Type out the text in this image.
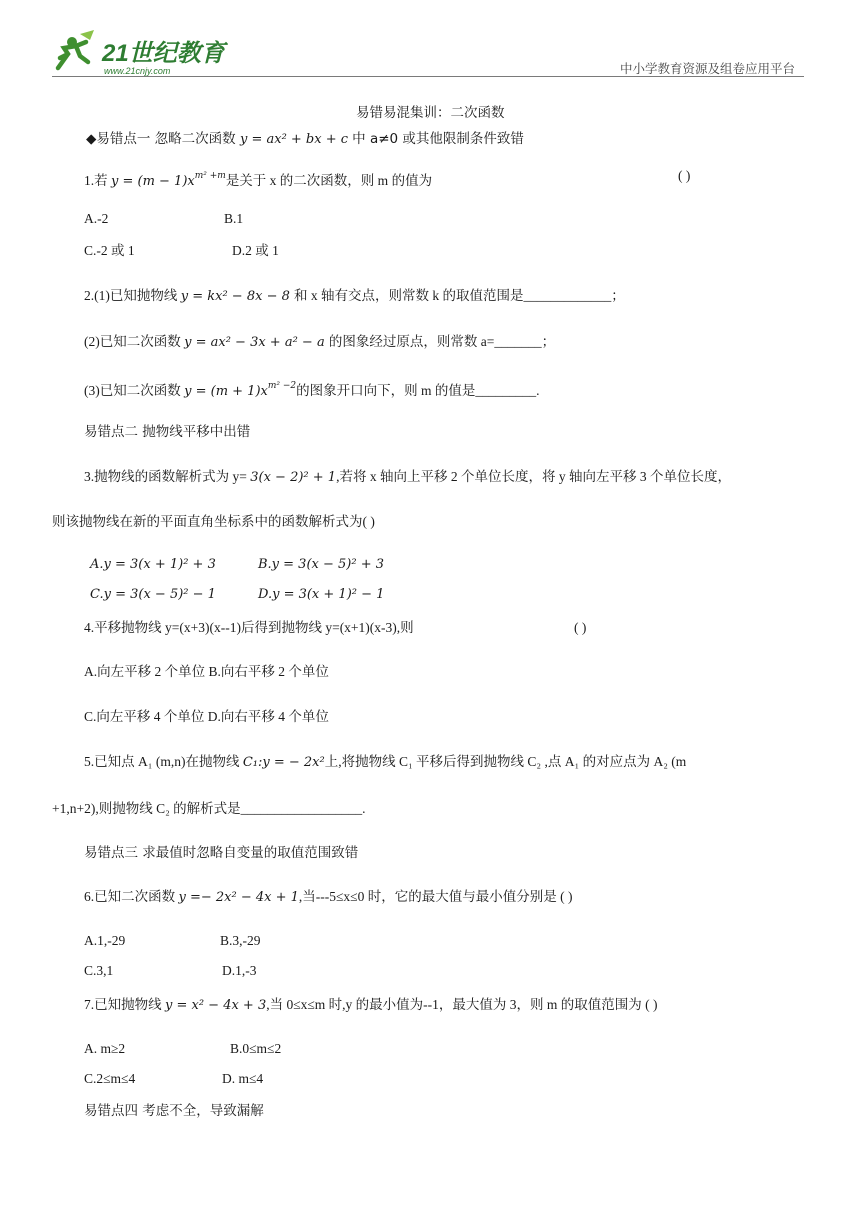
21世纪教育
www.21cnjy.com	中小学教育资源及组卷应用平台
易错易混集训：二次函数
◆易错点一 忽略二次函数 y = ax² + bx + c 中 a≠0 或其他限制条件致错
1.若 $y = (m - 1)x^{m^2 +m}$是关于 x 的二次函数，则 m 的值为	( )
A.-2	B.1
C.-2 或 1	D.2 或 1
2.(1)已知抛物线 y = kx² − 8x − 8 和 x 轴有交点，则常数 k 的取值范围是_____________；
(2)已知二次函数 y = ax² − 3x + a² − a 的图象经过原点，则常数 a=_______；
(3)已知二次函数 $y = (m + 1)x^{m^2 -2}$的图象开口向下，则 m 的值是_________.
易错点二 抛物线平移中出错
3.抛物线的函数解析式为 y= 3(x − 2)² + 1,若将 x 轴向上平移 2 个单位长度，将 y 轴向左平移 3 个单位长度，
则该抛物线在新的平面直角坐标系中的函数解析式为( )
A.y = 3(x + 1)² + 3	B.y = 3(x − 5)² + 3
C.y = 3(x − 5)² − 1	D.y = 3(x + 1)² − 1
4.平移抛物线 y=(x+3)(x--1)后得到抛物线 y=(x+1)(x-3),则	( )
A.向左平移 2 个单位 B.向右平移 2 个单位
C.向左平移 4 个单位 D.向右平移 4 个单位
5.已知点 A₁ (m,n)在抛物线 C₁:y = − 2x²上,将抛物线 C₁ 平移后得到抛物线 C₂ ,点 A₁ 的对应点为 A₂ (m
+1,n+2),则抛物线 C₂ 的解析式是__________________.
易错点三 求最值时忽略自变量的取值范围致错
6.已知二次函数 y =− 2x² − 4x + 1,当---5≤x≤0 时，它的最大值与最小值分别是 ( )
A.1,-29	B.3,-29
C.3,1	D.1,-3
7.已知抛物线 y = x² − 4x + 3,当 0≤x≤m 时,y 的最小值为--1，最大值为 3，则 m 的取值范围为 ( )
A. m≥2	B.0≤m≤2
C.2≤m≤4	D. m≤4
易错点四 考虑不全，导致漏解
